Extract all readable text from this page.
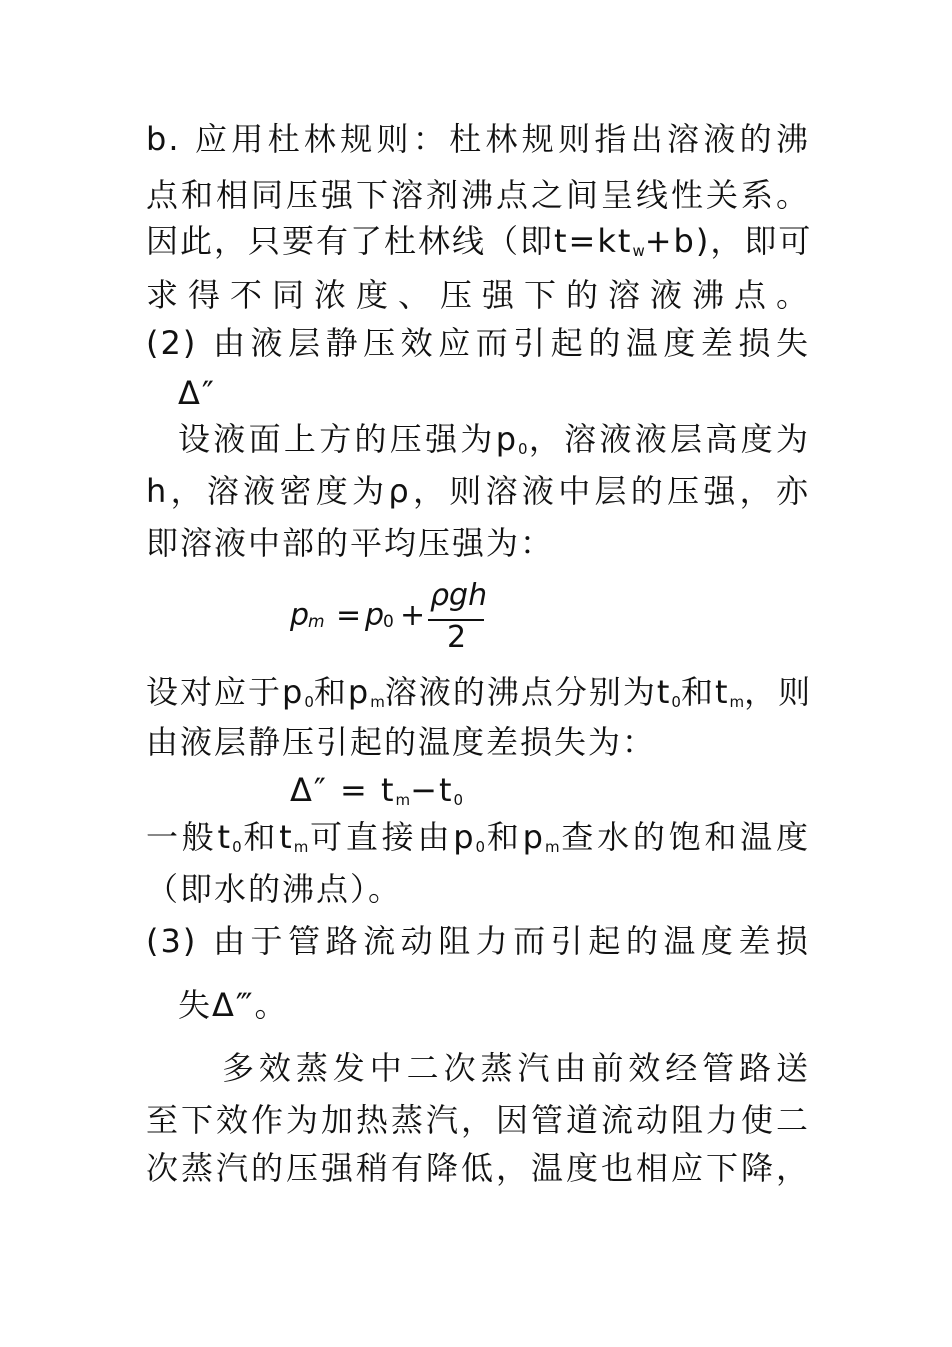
b. 应用杜林规则：杜林规则指出溶液的沸
点和相同压强下溶剂沸点之间呈线性关系。
因此，只要有了杜林线（即$t=kt_w+b$)，即可
求得不同浓度、压强下的溶液沸点。
(2) 由液层静压效应而引起的温度差损失
Δ″
设液面上方的压强为$p_0$，溶液液层高度为
h，溶液密度为ρ，则溶液中层的压强，亦
即溶液中部的平均压强为：
p
m = p
0 +
ρgh
2
设对应于$p_0$和$p_m$溶液的沸点分别为$t_0$和$t_m$，则
由液层静压引起的温度差损失为：
$\Delta'' = t_m-t_0$
一般$t_0$和$t_m$可直接由$p_0$和$p_m$查水的饱和温度
（即水的沸点）。
(3) 由于管路流动阻力而引起的温度差损
失Δ‴。
多效蒸发中二次蒸汽由前效经管路送
至下效作为加热蒸汽，因管道流动阻力使二
次蒸汽的压强稍有降低，温度也相应下降，
